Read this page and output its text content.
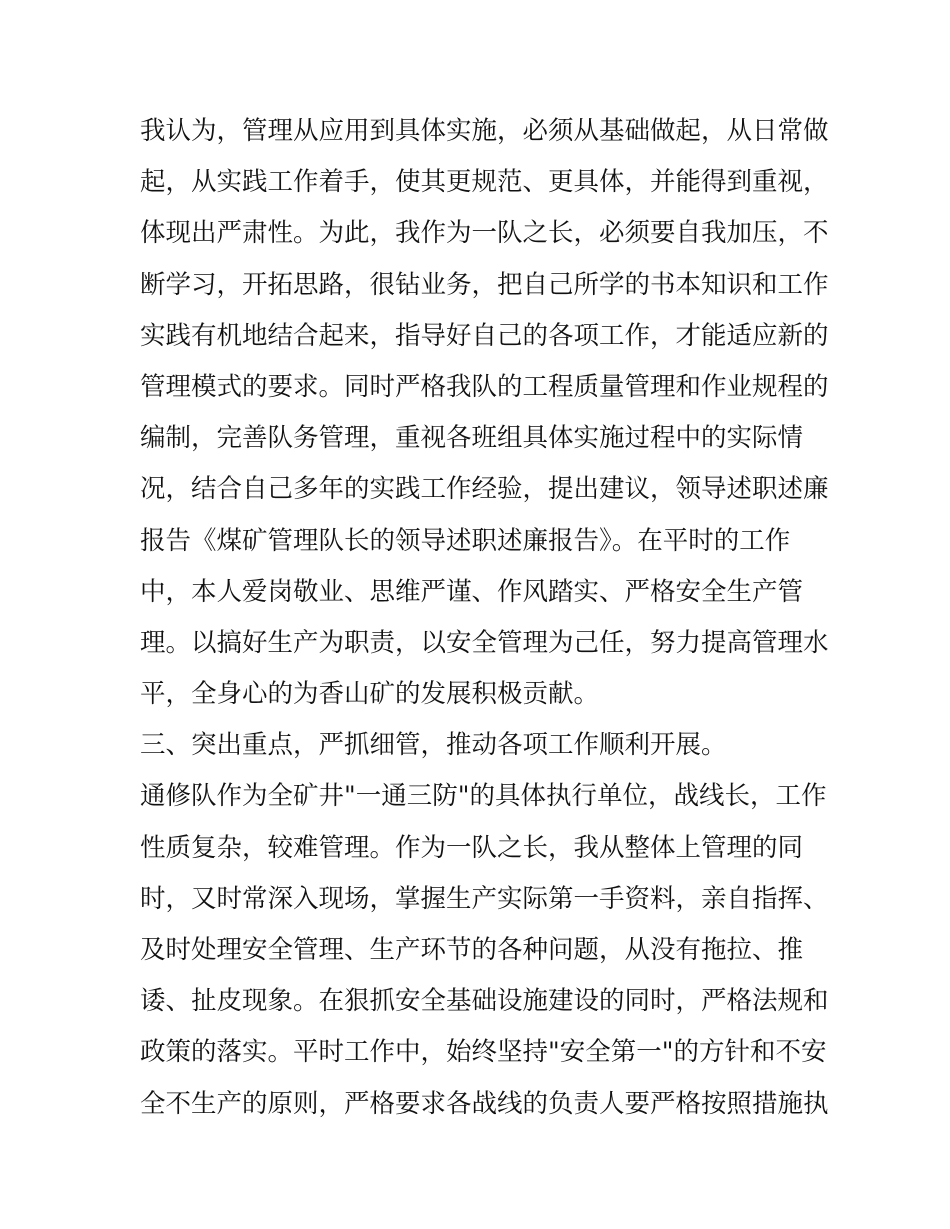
我认为，管理从应用到具体实施，必须从基础做起，从日常做
起，从实践工作着手，使其更规范、更具体，并能得到重视，
体现出严肃性。为此，我作为一队之长，必须要自我加压，不
断学习，开拓思路，很钻业务，把自己所学的书本知识和工作
实践有机地结合起来，指导好自己的各项工作，才能适应新的
管理模式的要求。同时严格我队的工程质量管理和作业规程的
编制，完善队务管理，重视各班组具体实施过程中的实际情
况，结合自己多年的实践工作经验，提出建议，领导述职述廉
报告《煤矿管理队长的领导述职述廉报告》。在平时的工作
中，本人爱岗敬业、思维严谨、作风踏实、严格安全生产管
理。以搞好生产为职责，以安全管理为己任，努力提高管理水
平，全身心的为香山矿的发展积极贡献。
三、突出重点，严抓细管，推动各项工作顺利开展。
通修队作为全矿井"一通三防"的具体执行单位，战线长，工作
性质复杂，较难管理。作为一队之长，我从整体上管理的同
时，又时常深入现场，掌握生产实际第一手资料，亲自指挥、
及时处理安全管理、生产环节的各种问题，从没有拖拉、推
诿、扯皮现象。在狠抓安全基础设施建设的同时，严格法规和
政策的落实。平时工作中，始终坚持"安全第一"的方针和不安
全不生产的原则，严格要求各战线的负责人要严格按照措施执
